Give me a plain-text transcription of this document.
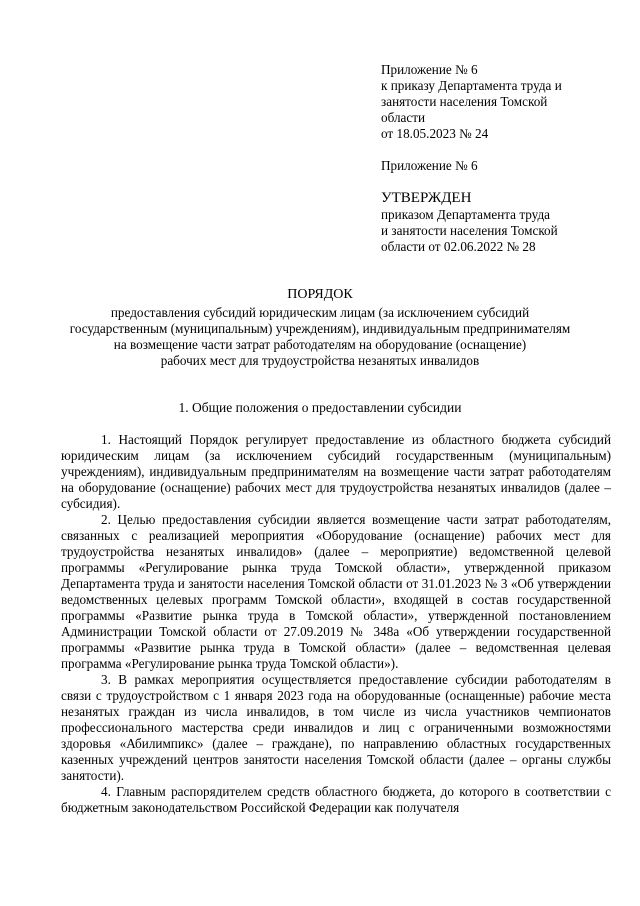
Приложение № 6
к приказу Департамента труда и
занятости населения Томской
области
от 18.05.2023 № 24
Приложение № 6
УТВЕРЖДЕН
приказом Департамента труда
и занятости населения Томской
области от 02.06.2022 № 28
ПОРЯДОК
предоставления субсидий юридическим лицам (за исключением субсидий
государственным (муниципальным) учреждениям), индивидуальным предпринимателям
на возмещение части затрат работодателям на оборудование (оснащение)
рабочих мест для трудоустройства незанятых инвалидов
1. Общие положения о предоставлении субсидии

1. Настоящий Порядок регулирует предоставление из областного бюджета субсидий юридическим лицам (за исключением субсидий государственным (муниципальным) учреждениям), индивидуальным предпринимателям на возмещение части затрат работодателям на оборудование (оснащение) рабочих мест для трудоустройства незанятых инвалидов (далее – субсидия).

2. Целью предоставления субсидии является возмещение части затрат работодателям, связанных с реализацией мероприятия «Оборудование (оснащение) рабочих мест для трудоустройства незанятых инвалидов» (далее – мероприятие) ведомственной целевой программы «Регулирование рынка труда Томской области», утвержденной приказом Департамента труда и занятости населения Томской области от 31.01.2023 № 3 «Об утверждении ведомственных целевых программ Томской области», входящей в состав государственной программы «Развитие рынка труда в Томской области», утвержденной постановлением Администрации Томской области от 27.09.2019 № 348а «Об утверждении государственной программы «Развитие рынка труда в Томской области» (далее – ведомственная целевая программа «Регулирование рынка труда Томской области»).

3. В рамках мероприятия осуществляется предоставление субсидии работодателям в связи с трудоустройством с 1 января 2023 года на оборудованные (оснащенные) рабочие места незанятых граждан из числа инвалидов, в том числе из числа участников чемпионатов профессионального мастерства среди инвалидов и лиц с ограниченными возможностями здоровья «Абилимпикс» (далее – граждане), по направлению областных государственных казенных учреждений центров занятости населения Томской области (далее – органы службы занятости).

4. Главным распорядителем средств областного бюджета, до которого в соответствии с бюджетным законодательством Российской Федерации как получателя
